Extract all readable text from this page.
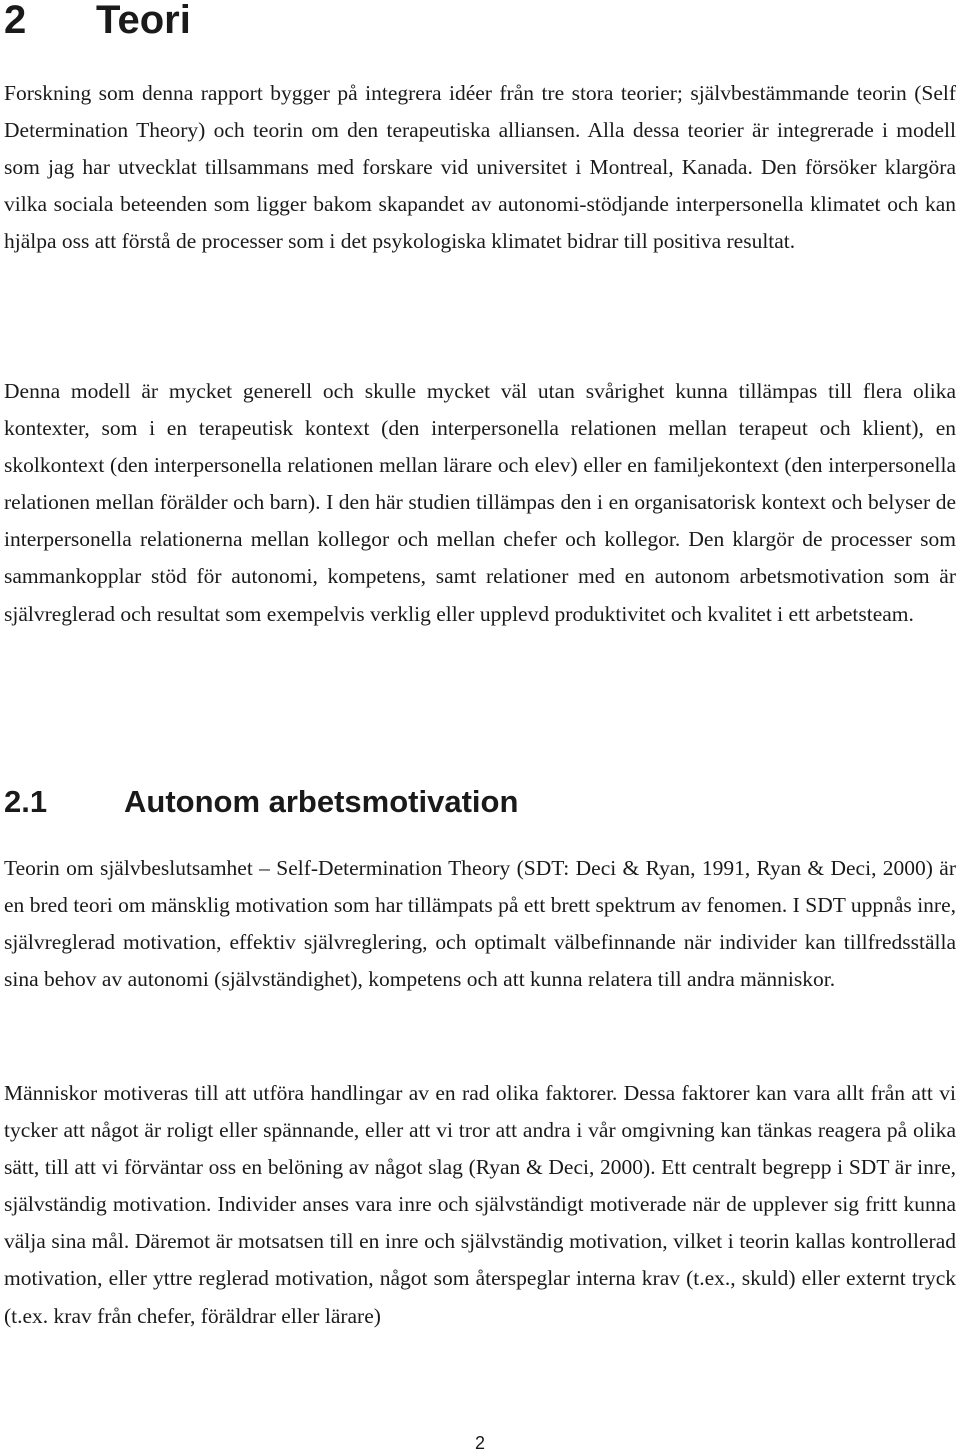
2 Teori

Forskning som denna rapport bygger på integrera idéer från tre stora teorier; självbestämmande teorin (Self Determination Theory) och teorin om den terapeutiska alliansen. Alla dessa teorier är integrerade i modell som jag har utvecklat tillsammans med forskare vid universitet i Montreal, Kanada. Den försöker klargöra vilka sociala beteenden som ligger bakom skapandet av autonomi-stödjande interpersonella klimatet och kan hjälpa oss att förstå de processer som i det psykologiska klimatet bidrar till positiva resultat.

Denna modell är mycket generell och skulle mycket väl utan svårighet kunna tillämpas till flera olika kontexter, som i en terapeutisk kontext (den interpersonella relationen mellan terapeut och klient), en skolkontext (den interpersonella relationen mellan lärare och elev) eller en familjekontext (den interpersonella relationen mellan förälder och barn). I den här studien tillämpas den i en organisatorisk kontext och belyser de interpersonella relationerna mellan kollegor och mellan chefer och kollegor. Den klargör de processer som sammankopplar stöd för autonomi, kompetens, samt relationer med en autonom arbetsmotivation som är självreglerad och resultat som exempelvis verklig eller upplevd produktivitet och kvalitet i ett arbetsteam.

2.1 Autonom arbetsmotivation

Teorin om självbeslutsamhet – Self-Determination Theory (SDT: Deci & Ryan, 1991, Ryan & Deci, 2000) är en bred teori om mänsklig motivation som har tillämpats på ett brett spektrum av fenomen. I SDT uppnås inre, självreglerad motivation, effektiv självreglering, och optimalt välbefinnande när individer kan tillfredsställa sina behov av autonomi (självständighet), kompetens och att kunna relatera till andra människor.

Människor motiveras till att utföra handlingar av en rad olika faktorer. Dessa faktorer kan vara allt från att vi tycker att något är roligt eller spännande, eller att vi tror att andra i vår omgivning kan tänkas reagera på olika sätt, till att vi förväntar oss en belöning av något slag (Ryan & Deci, 2000). Ett centralt begrepp i SDT är inre, självständig motivation. Individer anses vara inre och självständigt motiverade när de upplever sig fritt kunna välja sina mål. Däremot är motsatsen till en inre och självständig motivation, vilket i teorin kallas kontrollerad motivation, eller yttre reglerad motivation, något som återspeglar interna krav (t.ex., skuld) eller externt tryck (t.ex. krav från chefer, föräldrar eller lärare)

2
